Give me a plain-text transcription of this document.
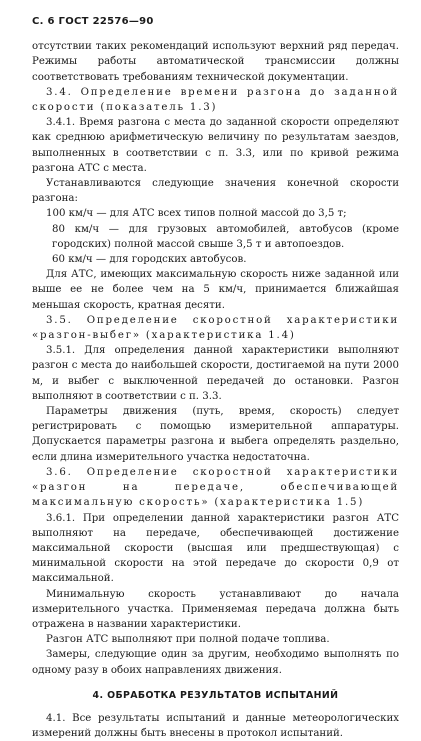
С. 6 ГОСТ 22576—90

отсутствии таких рекомендаций используют верхний ряд передач. Режимы работы автоматической трансмиссии должны соответствовать требованиям технической документации.

3.4. Определение времени разгона до заданной скорости (показатель 1.3)

3.4.1. Время разгона с места до заданной скорости определяют как среднюю арифметическую величину по результатам заездов, выполненных в соответствии с п. 3.3, или по кривой режима разгона АТС с места.

Устанавливаются следующие значения конечной скорости разгона:

100 км/ч — для АТС всех типов полной массой до 3,5 т;

80 км/ч — для грузовых автомобилей, автобусов (кроме городских) полной массой свыше 3,5 т и автопоездов.

60 км/ч — для городских автобусов.

Для АТС, имеющих максимальную скорость ниже заданной или выше ее не более чем на 5 км/ч, принимается ближайшая меньшая скорость, кратная десяти.

3.5. Определение скоростной характеристики «разгон-выбег» (характеристика 1.4)

3.5.1. Для определения данной характеристики выполняют разгон с места до наибольшей скорости, достигаемой на пути 2000 м, и выбег с выключенной передачей до остановки. Разгон выполняют в соответствии с п. 3.3.

Параметры движения (путь, время, скорость) следует регистрировать с помощью измерительной аппаратуры. Допускается параметры разгона и выбега определять раздельно, если длина измерительного участка недостаточна.

3.6. Определение скоростной характеристики «разгон на передаче, обеспечивающей максимальную скорость» (характеристика 1.5)

3.6.1. При определении данной характеристики разгон АТС выполняют на передаче, обеспечивающей достижение максимальной скорости (высшая или предшествующая) с минимальной скорости на этой передаче до скорости 0,9 от максимальной.

Минимальную скорость устанавливают до начала измерительного участка. Применяемая передача должна быть отражена в названии характеристики.

Разгон АТС выполняют при полной подаче топлива.

Замеры, следующие один за другим, необходимо выполнять по одному разу в обоих направлениях движения.

4. ОБРАБОТКА РЕЗУЛЬТАТОВ ИСПЫТАНИЙ

4.1. Все результаты испытаний и данные метеорологических измерений должны быть внесены в протокол испытаний.
